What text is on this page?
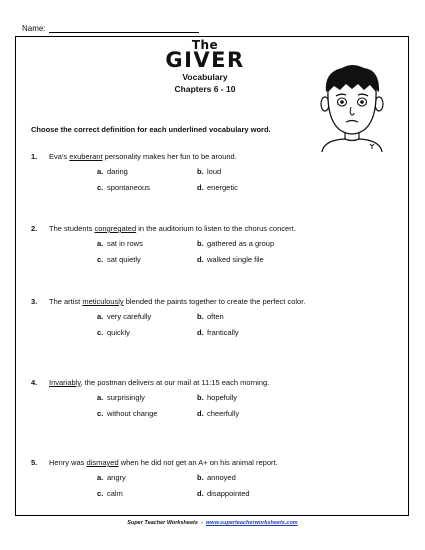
Name:
The
GIVER
Vocabulary
Chapters 6 - 10
Choose the correct definition for each underlined vocabulary word.
1.	Eva's exuberant personality makes her fun to be around.
a. daring	b. loud
c. spontaneous	d. energetic
2.	The students congregated in the auditorium to listen to the chorus concert.
a. sat in rows	b. gathered as a group
c. sat quietly	d. walked single file
3.	The artist meticulously blended the paints together to create the perfect color.
a. very carefully	b. often
c. quickly	d. frantically
4.	Invariably, the postman delivers at our mail at 11:15 each morning.
a. surprisingly	b. hopefully
c. without change	d. cheerfully
5.	Henry was dismayed when he did not get an A+ on his animal report.
a. angry	b. annoyed
c. calm	d. disappointed
Super Teacher Worksheets - www.superteacherworksheets.com
